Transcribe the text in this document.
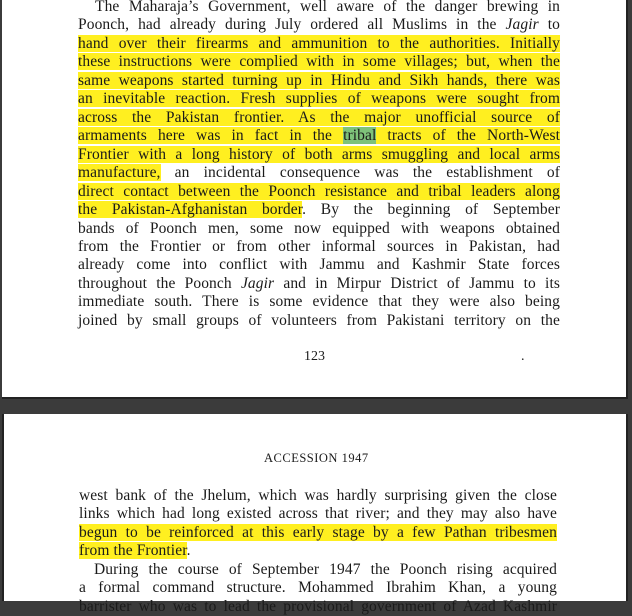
The Maharaja’s Government, well aware of the danger brewing in
Poonch, had already during July ordered all Muslims in the Jagir to
hand over their firearms and ammunition to the authorities. Initially
these instructions were complied with in some villages; but, when the
same weapons started turning up in Hindu and Sikh hands, there was
an inevitable reaction. Fresh supplies of weapons were sought from
across the Pakistan frontier. As the major unofficial source of
armaments here was in fact in the tribal tracts of the North-West
Frontier with a long history of both arms smuggling and local arms
manufacture, an incidental consequence was the establishment of
direct contact between the Poonch resistance and tribal leaders along
the Pakistan-Afghanistan border. By the beginning of September
bands of Poonch men, some now equipped with weapons obtained
from the Frontier or from other informal sources in Pakistan, had
already come into conflict with Jammu and Kashmir State forces
throughout the Poonch Jagir and in Mirpur District of Jammu to its
immediate south. There is some evidence that they were also being
joined by small groups of volunteers from Pakistani territory on the
123	.
ACCESSION 1947
west bank of the Jhelum, which was hardly surprising given the close
links which had long existed across that river; and they may also have
begun to be reinforced at this early stage by a few Pathan tribesmen
from the Frontier.
During the course of September 1947 the Poonch rising acquired
a formal command structure. Mohammed Ibrahim Khan, a young
barrister who was to lead the provisional government of Azad Kashmir
